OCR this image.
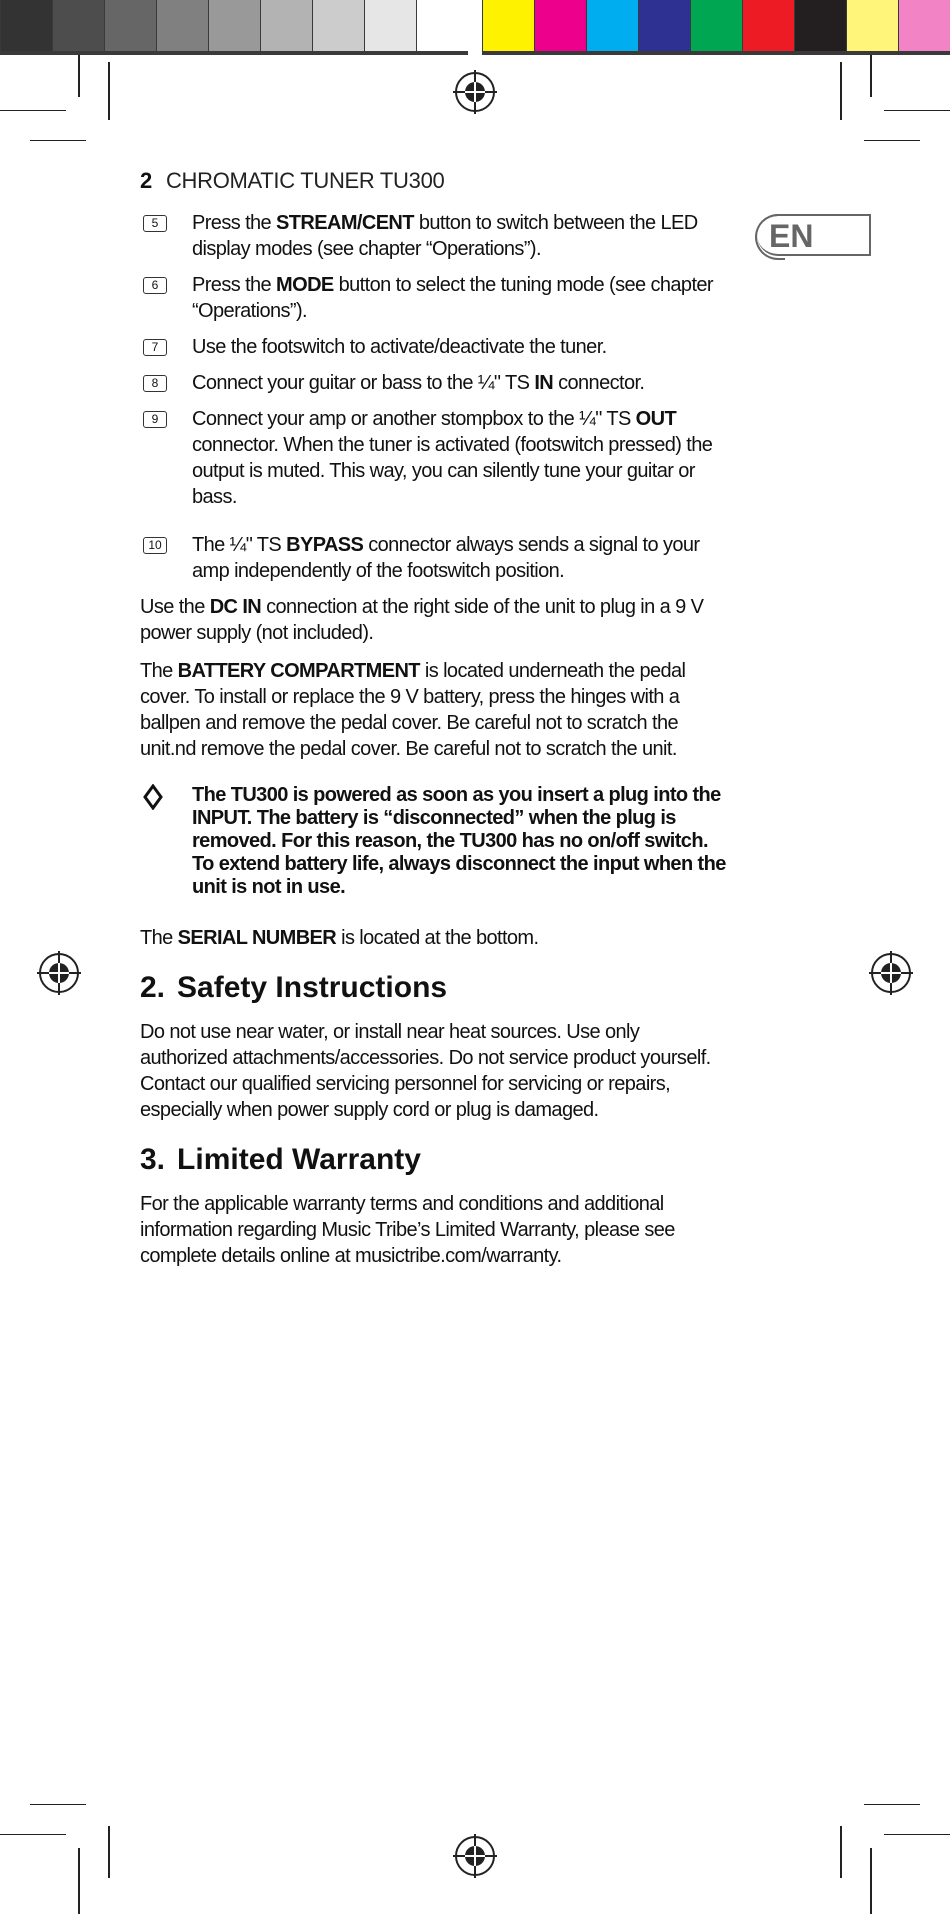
2 CHROMATIC TUNER TU300
EN
5	Press the STREAM/CENT button to switch between the LED display modes (see chapter “Operations”).
6	Press the MODE button to select the tuning mode (see chapter “Operations”).
7	Use the footswitch to activate/deactivate the tuner.
8	Connect your guitar or bass to the ¼" TS IN connector.
9	Connect your amp or another stompbox to the ¼" TS OUT connector. When the tuner is activated (footswitch pressed) the output is muted. This way, you can silently tune your guitar or bass.
10 The ¼" TS BYPASS connector always sends a signal to your amp independently of the footswitch position.

Use the DC IN connection at the right side of the unit to plug in a 9 V power supply (not included).

The BATTERY COMPARTMENT is located underneath the pedal cover. To install or replace the 9 V battery, press the hinges with a ballpen and remove the pedal cover. Be careful not to scratch the unit.nd remove the pedal cover. Be careful not to scratch the unit.

The TU300 is powered as soon as you insert a plug into the INPUT. The battery is “disconnected” when the plug is removed. For this reason, the TU300 has no on/off switch. To extend battery life, always disconnect the input when the unit is not in use.

The SERIAL NUMBER is located at the bottom.

2. Safety Instructions

Do not use near water, or install near heat sources. Use only authorized attachments/accessories. Do not service product yourself. Contact our qualified servicing personnel for servicing or repairs, especially when power supply cord or plug is damaged.

3. Limited Warranty

For the applicable warranty terms and conditions and additional information regarding Music Tribe’s Limited Warranty, please see complete details online at musictribe.com/warranty.
